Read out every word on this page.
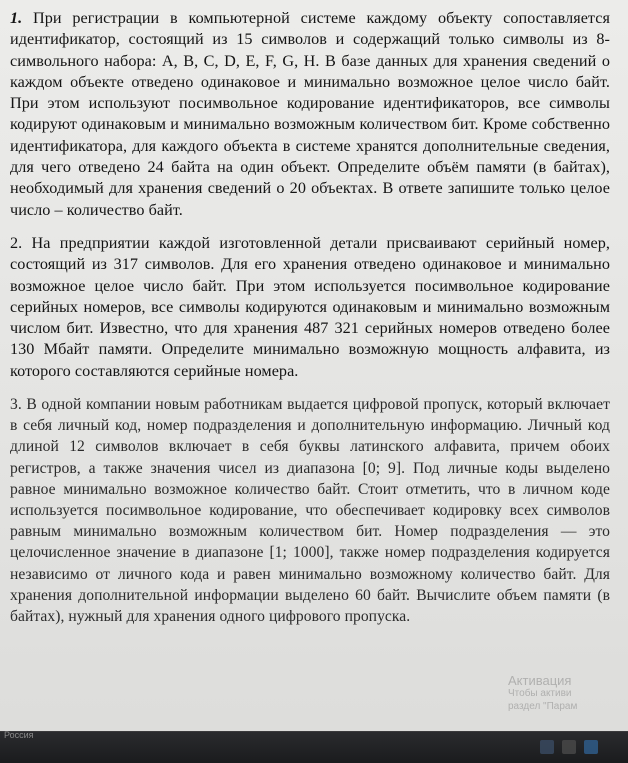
1. При регистрации в компьютерной системе каждому объекту сопоставляется идентификатор, состоящий из 15 символов и содержащий только символы из 8-символьного набора: A, B, C, D, E, F, G, H. В базе данных для хранения сведений о каждом объекте отведено одинаковое и минимально возможное целое число байт. При этом используют посимвольное кодирование идентификаторов, все символы кодируют одинаковым и минимально возможным количеством бит. Кроме собственно идентификатора, для каждого объекта в системе хранятся дополнительные сведения, для чего отведено 24 байта на один объект. Определите объём памяти (в байтах), необходимый для хранения сведений о 20 объектах. В ответе запишите только целое число – количество байт.

2. На предприятии каждой изготовленной детали присваивают серийный номер, состоящий из 317 символов. Для его хранения отведено одинаковое и минимально возможное целое число байт. При этом используется посимвольное кодирование серийных номеров, все символы кодируются одинаковым и минимально возможным числом бит. Известно, что для хранения 487 321 серийных номеров отведено более 130 Мбайт памяти. Определите минимально возможную мощность алфавита, из которого составляются серийные номера.

3. В одной компании новым работникам выдается цифровой пропуск, который включает в себя личный код, номер подразделения и дополнительную информацию. Личный код длиной 12 символов включает в себя буквы латинского алфавита, причем обоих регистров, а также значения чисел из диапазона [0; 9]. Под личные коды выделено равное минимально возможное количество байт. Стоит отметить, что в личном коде используется посимвольное кодирование, что обеспечивает кодировку всех символов равным минимально возможным количеством бит. Номер подразделения — это целочисленное значение в диапазоне [1; 1000], также номер подразделения кодируется независимо от личного кода и равен минимально возможному количество байт. Для хранения дополнительной информации выделено 60 байт. Вычислите объем памяти (в байтах), нужный для хранения одного цифрового пропуска.

Активация
Чтобы активи
раздел "Парам
Россия
